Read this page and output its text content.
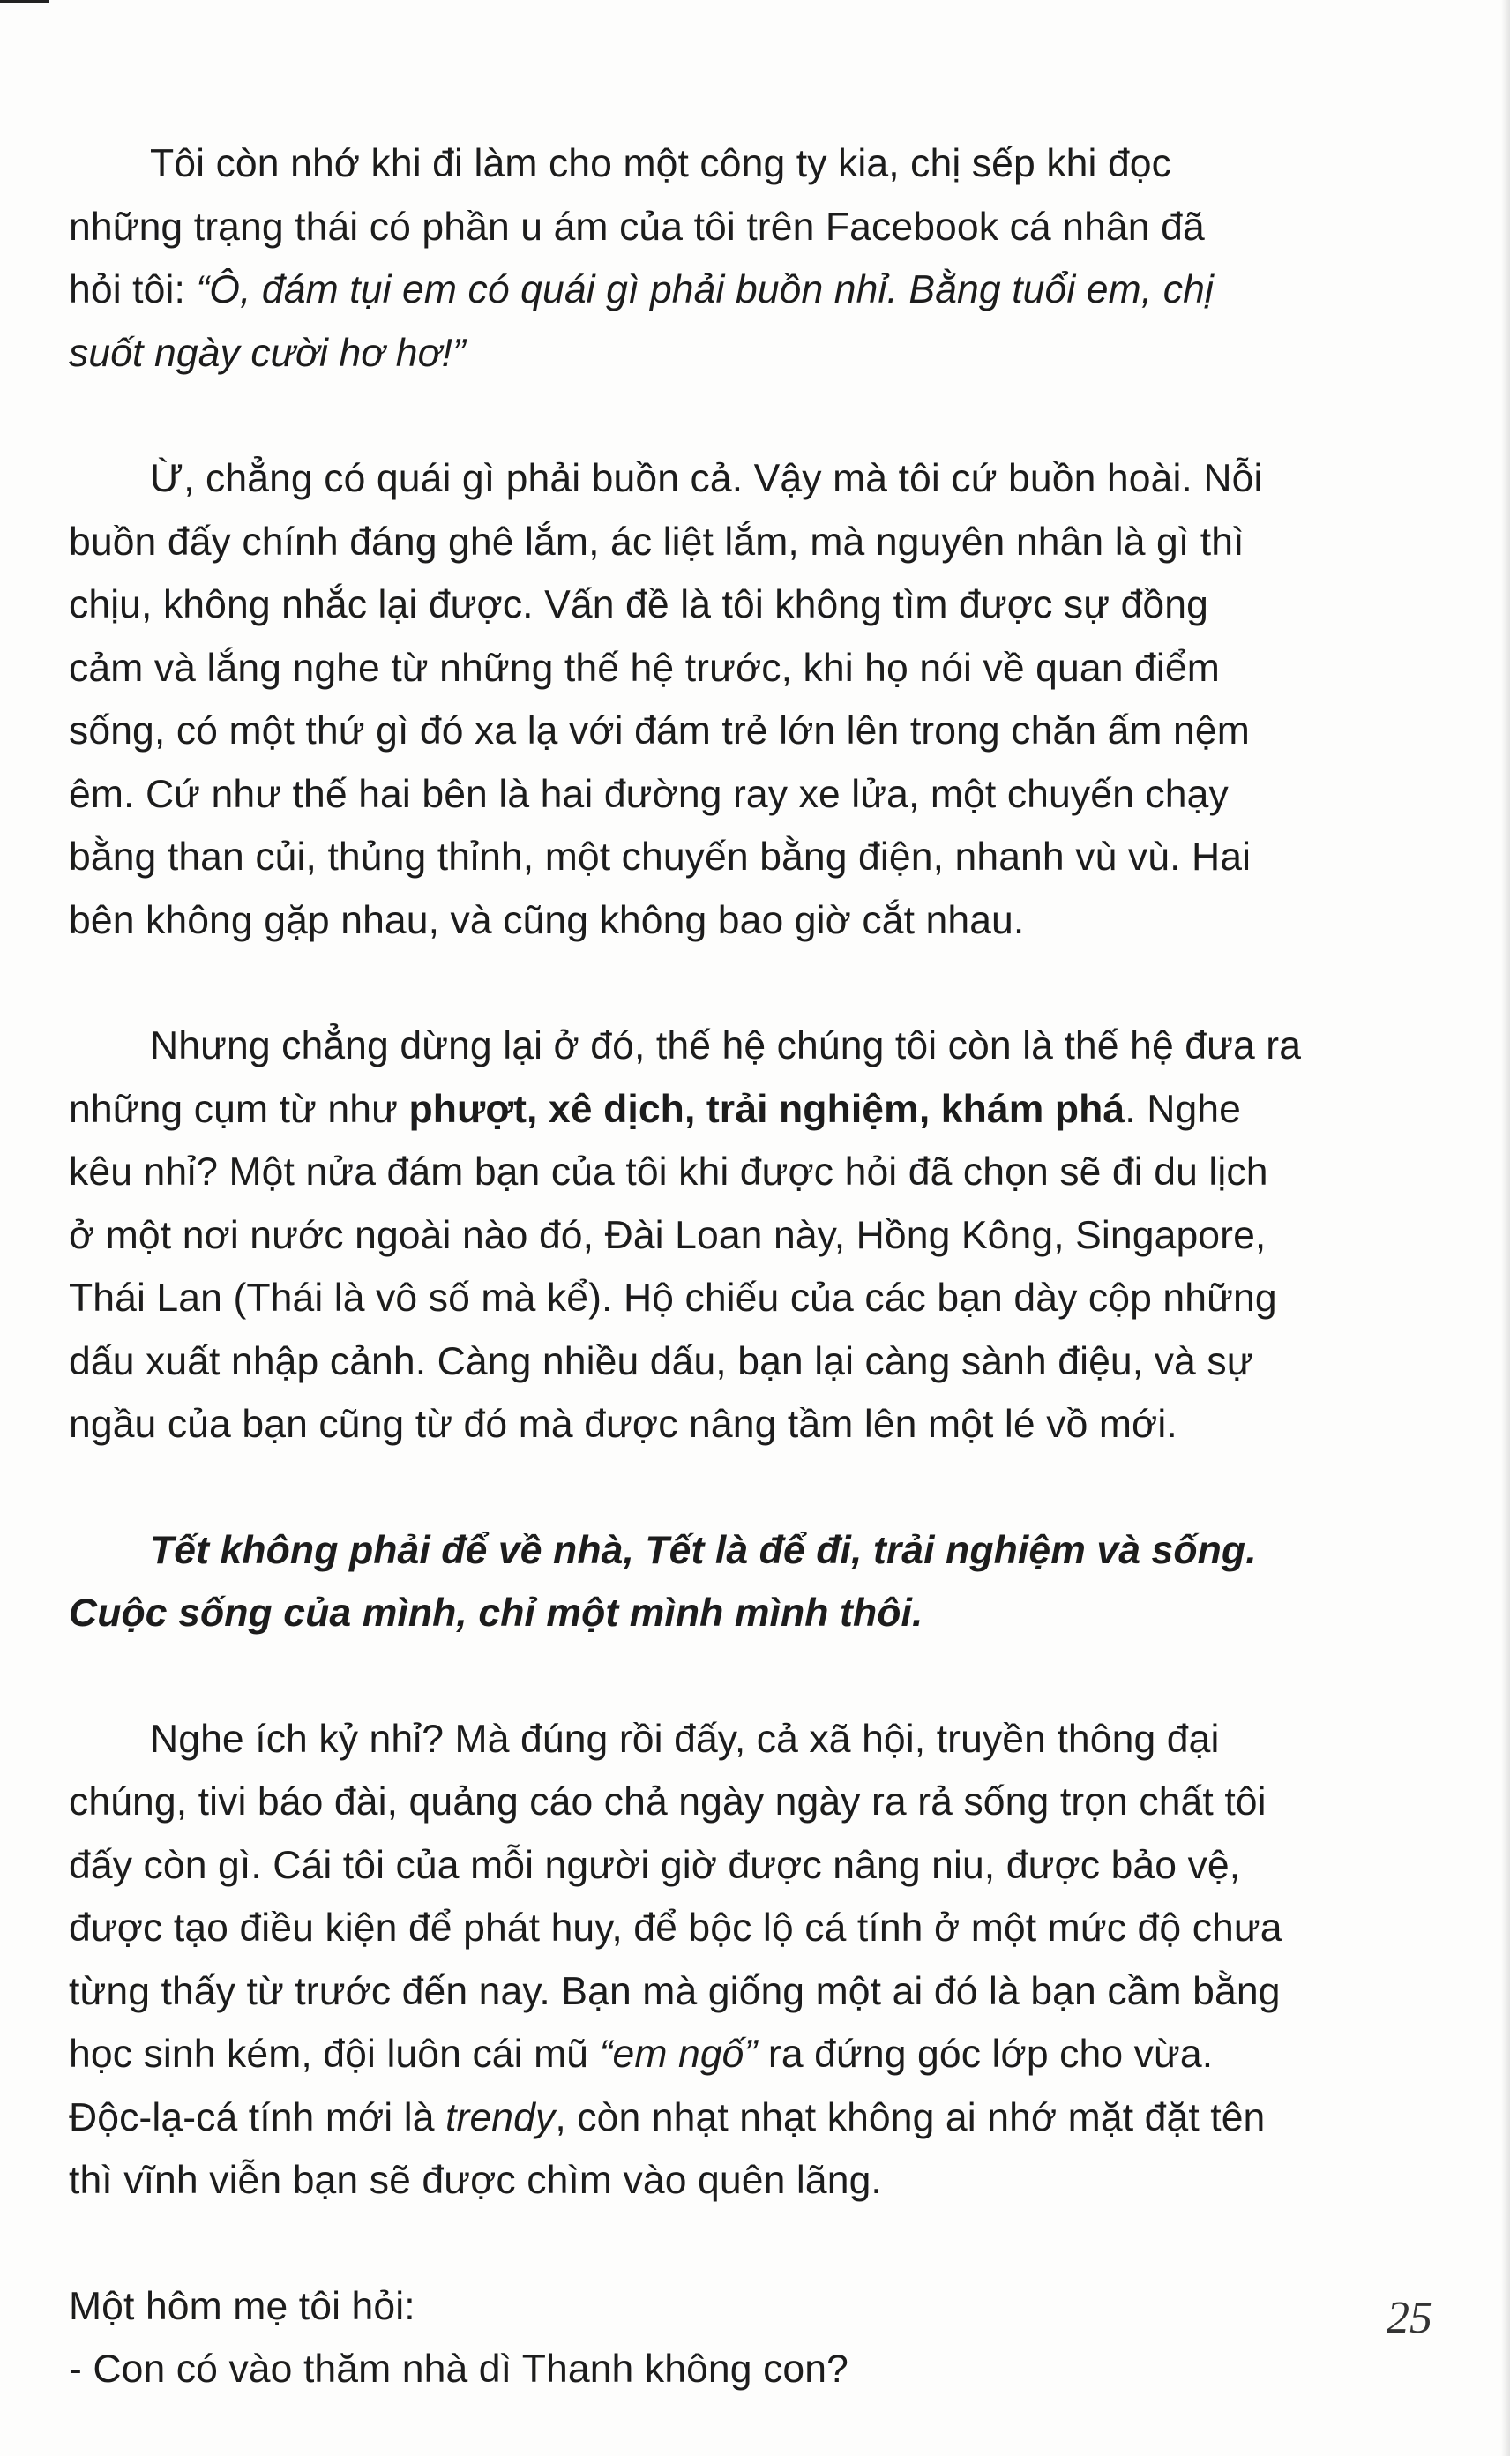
Tôi còn nhớ khi đi làm cho một công ty kia, chị sếp khi đọc
những trạng thái có phần u ám của tôi trên Facebook cá nhân đã
hỏi tôi: “Ô, đám tụi em có quái gì phải buồn nhỉ. Bằng tuổi em, chị
suốt ngày cười hơ hơ!”
Ừ, chẳng có quái gì phải buồn cả. Vậy mà tôi cứ buồn hoài. Nỗi
buồn đấy chính đáng ghê lắm, ác liệt lắm, mà nguyên nhân là gì thì
chịu, không nhắc lại được. Vấn đề là tôi không tìm được sự đồng
cảm và lắng nghe từ những thế hệ trước, khi họ nói về quan điểm
sống, có một thứ gì đó xa lạ với đám trẻ lớn lên trong chăn ấm nệm
êm. Cứ như thế hai bên là hai đường ray xe lửa, một chuyến chạy
bằng than củi, thủng thỉnh, một chuyến bằng điện, nhanh vù vù. Hai
bên không gặp nhau, và cũng không bao giờ cắt nhau.
Nhưng chẳng dừng lại ở đó, thế hệ chúng tôi còn là thế hệ đưa ra
những cụm từ như phượt, xê dịch, trải nghiệm, khám phá. Nghe
kêu nhỉ? Một nửa đám bạn của tôi khi được hỏi đã chọn sẽ đi du lịch
ở một nơi nước ngoài nào đó, Đài Loan này, Hồng Kông, Singapore,
Thái Lan (Thái là vô số mà kể). Hộ chiếu của các bạn dày cộp những
dấu xuất nhập cảnh. Càng nhiều dấu, bạn lại càng sành điệu, và sự
ngầu của bạn cũng từ đó mà được nâng tầm lên một lé vồ mới.
Tết không phải để về nhà, Tết là để đi, trải nghiệm và sống.
Cuộc sống của mình, chỉ một mình mình thôi.
Nghe ích kỷ nhỉ? Mà đúng rồi đấy, cả xã hội, truyền thông đại
chúng, tivi báo đài, quảng cáo chả ngày ngày ra rả sống trọn chất tôi
đấy còn gì. Cái tôi của mỗi người giờ được nâng niu, được bảo vệ,
được tạo điều kiện để phát huy, để bộc lộ cá tính ở một mức độ chưa
từng thấy từ trước đến nay. Bạn mà giống một ai đó là bạn cầm bằng
học sinh kém, đội luôn cái mũ “em ngố” ra đứng góc lớp cho vừa.
Độc-lạ-cá tính mới là trendy, còn nhạt nhạt không ai nhớ mặt đặt tên
thì vĩnh viễn bạn sẽ được chìm vào quên lãng.
Một hôm mẹ tôi hỏi:
- Con có vào thăm nhà dì Thanh không con?
25
